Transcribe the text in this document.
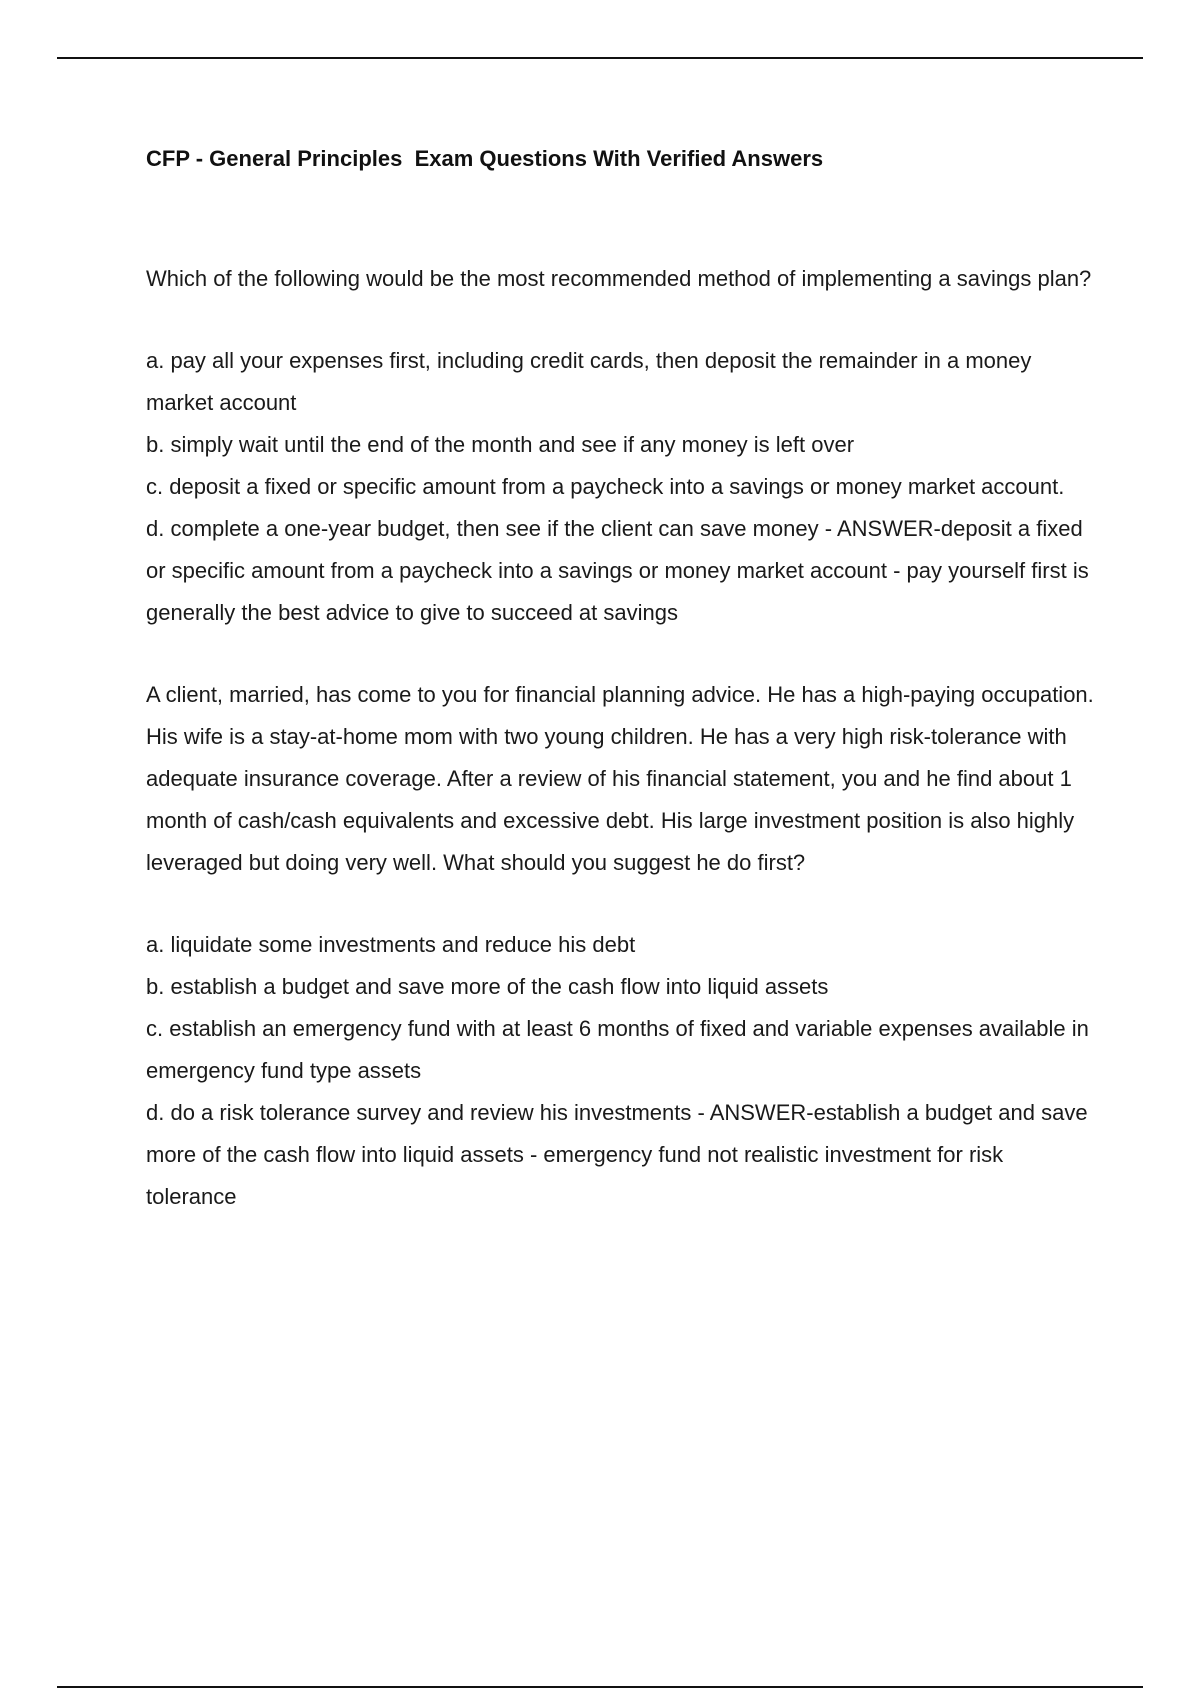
CFP - General Principles  Exam Questions With Verified Answers

Which of the following would be the most recommended method of implementing a savings plan?

a. pay all your expenses first, including credit cards, then deposit the remainder in a money market account
b. simply wait until the end of the month and see if any money is left over
c. deposit a fixed or specific amount from a paycheck into a savings or money market account.
d. complete a one-year budget, then see if the client can save money - ANSWER-deposit a fixed or specific amount from a paycheck into a savings or money market account - pay yourself first is generally the best advice to give to succeed at savings

A client, married, has come to you for financial planning advice. He has a high-paying occupation. His wife is a stay-at-home mom with two young children. He has a very high risk-tolerance with adequate insurance coverage. After a review of his financial statement, you and he find about 1 month of cash/cash equivalents and excessive debt. His large investment position is also highly leveraged but doing very well. What should you suggest he do first?

a. liquidate some investments and reduce his debt
b. establish a budget and save more of the cash flow into liquid assets
c. establish an emergency fund with at least 6 months of fixed and variable expenses available in emergency fund type assets
d. do a risk tolerance survey and review his investments - ANSWER-establish a budget and save more of the cash flow into liquid assets - emergency fund not realistic investment for risk tolerance
